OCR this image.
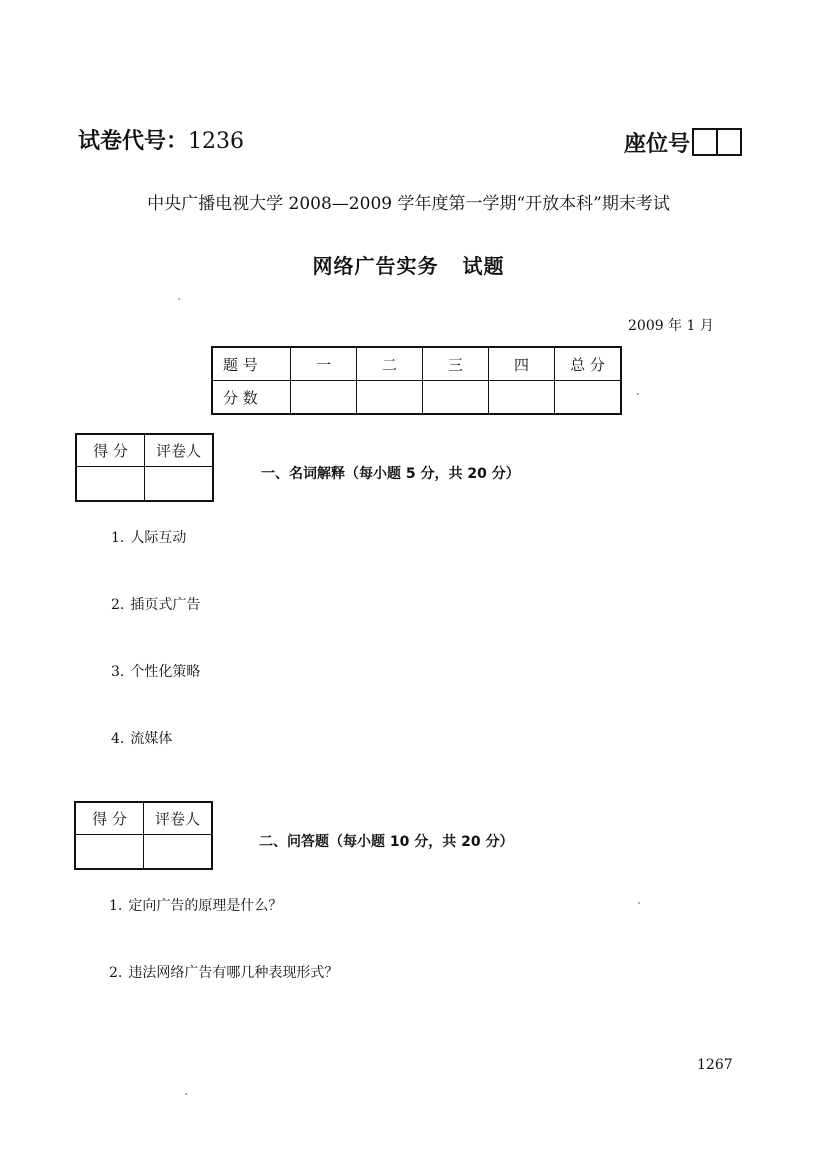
试卷代号：1236	座位号
中央广播电视大学 2008—2009 学年度第一学期“开放本科”期末考试
网络广告实务 试题
2009 年 1 月
题 号	一	二	三	四	总 分
分 数					
得 分	评卷人

一、名词解释（每小题 5 分，共 20 分）
1. 人际互动
2. 插页式广告
3. 个性化策略
4. 流媒体
得 分	评卷人

二、问答题（每小题 10 分，共 20 分）
1. 定向广告的原理是什么？
2. 违法网络广告有哪几种表现形式？
1267
